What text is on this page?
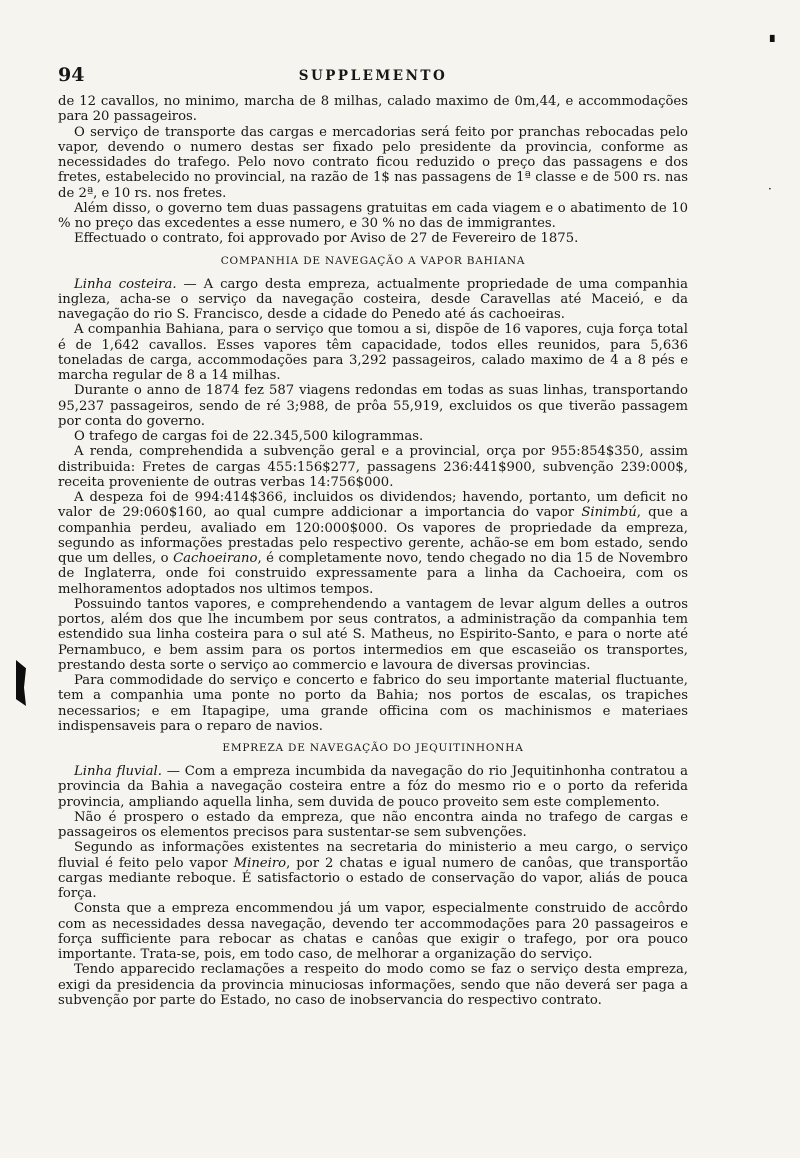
▖
·
94	SUPPLEMENTO

de 12 cavallos, no minimo, marcha de 8 milhas, calado maximo de 0m,44, e accommodações para 20 passageiros.

O serviço de transporte das cargas e mercadorias será feito por pranchas rebocadas pelo vapor, devendo o numero destas ser fixado pelo presidente da provincia, conforme as necessidades do trafego. Pelo novo contrato ficou reduzido o preço das passagens e dos fretes, estabelecido no provincial, na razão de 1$ nas passagens de 1ª classe e de 500 rs. nas de 2ª, e 10 rs. nos fretes.

Além disso, o governo tem duas passagens gratuitas em cada viagem e o abatimento de 10 % no preço das excedentes a esse numero, e 30 % no das de immigrantes.

Effectuado o contrato, foi approvado por Aviso de 27 de Fevereiro de 1875.

COMPANHIA DE NAVEGAÇÃO A VAPOR BAHIANA

Linha costeira. — A cargo desta empreza, actualmente propriedade de uma companhia ingleza, acha-se o serviço da navegação costeira, desde Caravellas até Maceió, e da navegação do rio S. Francisco, desde a cidade do Penedo até ás cachoeiras.

A companhia Bahiana, para o serviço que tomou a si, dispõe de 16 vapores, cuja força total é de 1,642 cavallos. Esses vapores têm capacidade, todos elles reunidos, para 5,636 toneladas de carga, accommodações para 3,292 passageiros, calado maximo de 4 a 8 pés e marcha regular de 8 a 14 milhas.

Durante o anno de 1874 fez 587 viagens redondas em todas as suas linhas, transportando 95,237 passageiros, sendo de ré 3;988, de prôa 55,919, excluidos os que tiverão passagem por conta do governo.

O trafego de cargas foi de 22.345,500 kilogrammas.

A renda, comprehendida a subvenção geral e a provincial, orça por 955:854$350, assim distribuida: Fretes de cargas 455:156$277, passagens 236:441$900, subvenção 239:000$, receita proveniente de outras verbas 14:756$000.

A despeza foi de 994:414$366, incluidos os dividendos; havendo, portanto, um deficit no valor de 29:060$160, ao qual cumpre addicionar a importancia do vapor Sinimbú, que a companhia perdeu, avaliado em 120:000$000. Os vapores de propriedade da empreza, segundo as informações prestadas pelo respectivo gerente, achão-se em bom estado, sendo que um delles, o Cachoeirano, é completamente novo, tendo chegado no dia 15 de Novembro de Inglaterra, onde foi construido expressamente para a linha da Cachoeira, com os melhoramentos adoptados nos ultimos tempos.

Possuindo tantos vapores, e comprehendendo a vantagem de levar algum delles a outros portos, além dos que lhe incumbem por seus contratos, a administração da companhia tem estendido sua linha costeira para o sul até S. Matheus, no Espirito-Santo, e para o norte até Pernambuco, e bem assim para os portos intermedios em que escaseião os transportes, prestando desta sorte o serviço ao commercio e lavoura de diversas provincias.

Para commodidade do serviço e concerto e fabrico do seu importante material fluctuante, tem a companhia uma ponte no porto da Bahia; nos portos de escalas, os trapiches necessarios; e em Itapagipe, uma grande officina com os machinismos e materiaes indispensaveis para o reparo de navios.

EMPREZA DE NAVEGAÇÃO DO JEQUITINHONHA

Linha fluvial. — Com a empreza incumbida da navegação do rio Jequitinhonha contratou a provincia da Bahia a navegação costeira entre a fóz do mesmo rio e o porto da referida provincia, ampliando aquella linha, sem duvida de pouco proveito sem este complemento.

Não é prospero o estado da empreza, que não encontra ainda no trafego de cargas e passageiros os elementos precisos para sustentar-se sem subvenções.

Segundo as informações existentes na secretaria do ministerio a meu cargo, o serviço fluvial é feito pelo vapor Mineiro, por 2 chatas e igual numero de canôas, que transportão cargas mediante reboque. É satisfactorio o estado de conservação do vapor, aliás de pouca força.

Consta que a empreza encommendou já um vapor, especialmente construido de accôrdo com as necessidades dessa navegação, devendo ter accommodações para 20 passageiros e força sufficiente para rebocar as chatas e canôas que exigir o trafego, por ora pouco importante. Trata-se, pois, em todo caso, de melhorar a organização do serviço.

Tendo apparecido reclamações a respeito do modo como se faz o serviço desta empreza, exigi da presidencia da provincia minuciosas informações, sendo que não deverá ser paga a subvenção por parte do Estado, no caso de inobservancia do respectivo contrato.
